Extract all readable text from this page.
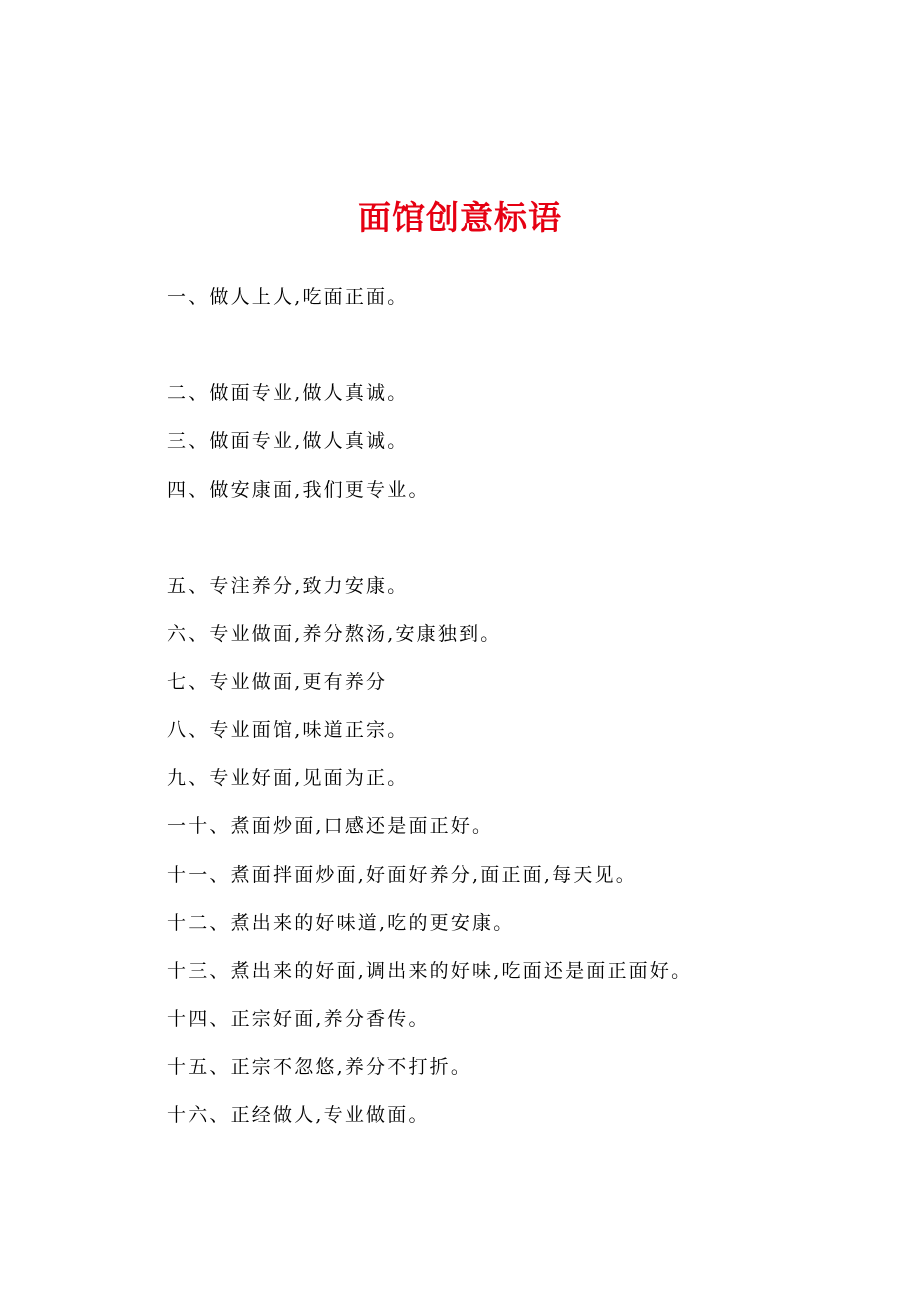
面馆创意标语
一、做人上人,吃面正面。
二、做面专业,做人真诚。
三、做面专业,做人真诚。
四、做安康面,我们更专业。
五、专注养分,致力安康。
六、专业做面,养分熬汤,安康独到。
七、专业做面,更有养分
八、专业面馆,味道正宗。
九、专业好面,见面为正。
一十、煮面炒面,口感还是面正好。
十一、煮面拌面炒面,好面好养分,面正面,每天见。
十二、煮出来的好味道,吃的更安康。
十三、煮出来的好面,调出来的好味,吃面还是面正面好。
十四、正宗好面,养分香传。
十五、正宗不忽悠,养分不打折。
十六、正经做人,专业做面。
